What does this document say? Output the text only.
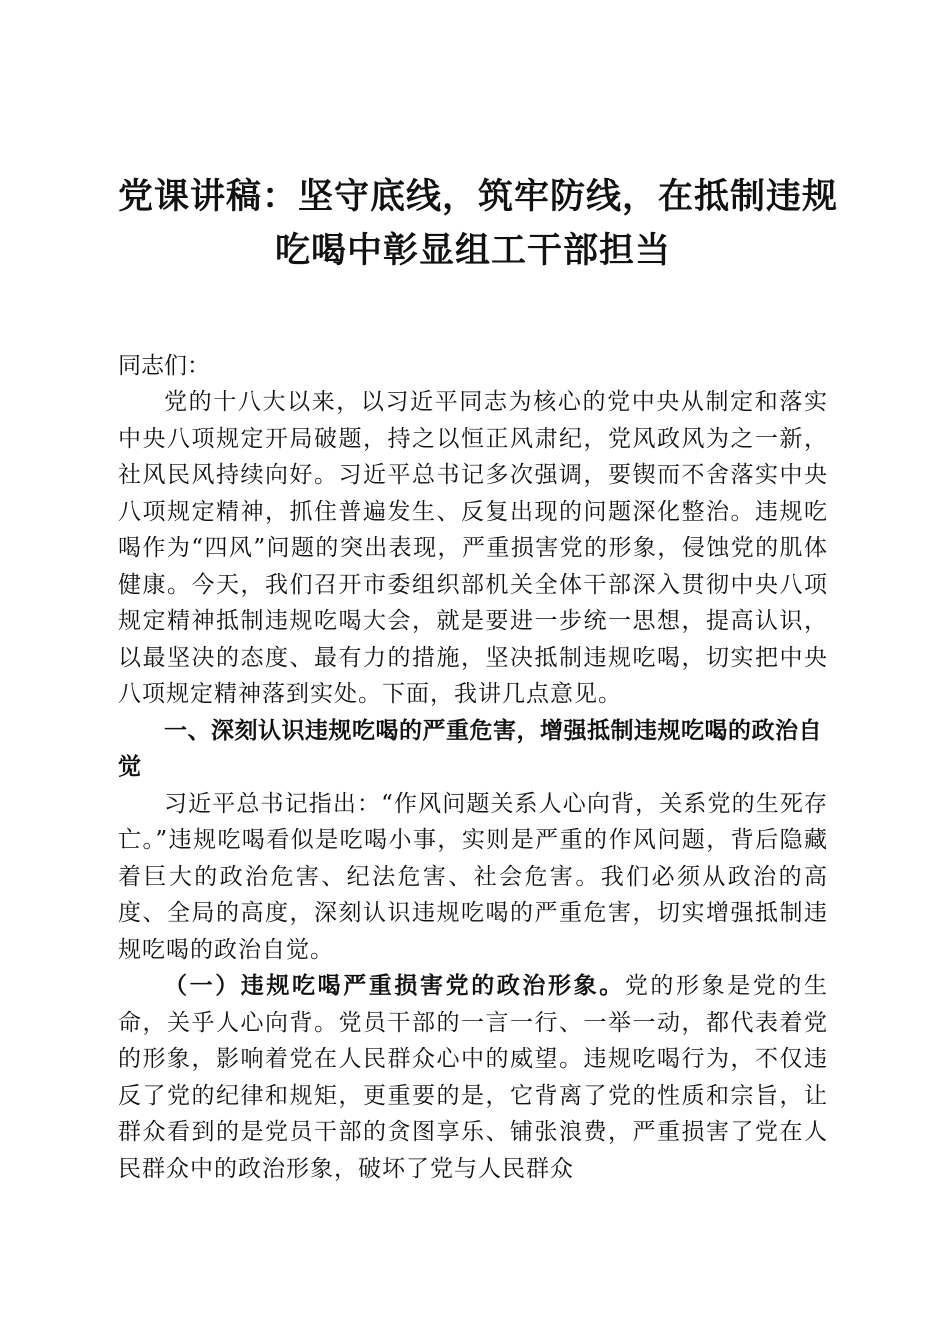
党课讲稿：坚守底线，筑牢防线，在抵制违规
吃喝中彰显组工干部担当

同志们：

党的十八大以来，以习近平同志为核心的党中央从制定和落实中央八项规定开局破题，持之以恒正风肃纪，党风政风为之一新，社风民风持续向好。习近平总书记多次强调，要锲而不舍落实中央八项规定精神，抓住普遍发生、反复出现的问题深化整治。违规吃喝作为“四风”问题的突出表现，严重损害党的形象，侵蚀党的肌体健康。今天，我们召开市委组织部机关全体干部深入贯彻中央八项规定精神抵制违规吃喝大会，就是要进一步统一思想，提高认识，以最坚决的态度、最有力的措施，坚决抵制违规吃喝，切实把中央八项规定精神落到实处。下面，我讲几点意见。

一、深刻认识违规吃喝的严重危害，增强抵制违规吃喝的政治自觉

习近平总书记指出：“作风问题关系人心向背，关系党的生死存亡。”违规吃喝看似是吃喝小事，实则是严重的作风问题，背后隐藏着巨大的政治危害、纪法危害、社会危害。我们必须从政治的高度、全局的高度，深刻认识违规吃喝的严重危害，切实增强抵制违规吃喝的政治自觉。

（一）违规吃喝严重损害党的政治形象。党的形象是党的生命，关乎人心向背。党员干部的一言一行、一举一动，都代表着党的形象，影响着党在人民群众心中的威望。违规吃喝行为，不仅违反了党的纪律和规矩，更重要的是，它背离了党的性质和宗旨，让群众看到的是党员干部的贪图享乐、铺张浪费，严重损害了党在人民群众中的政治形象，破坏了党与人民群众
